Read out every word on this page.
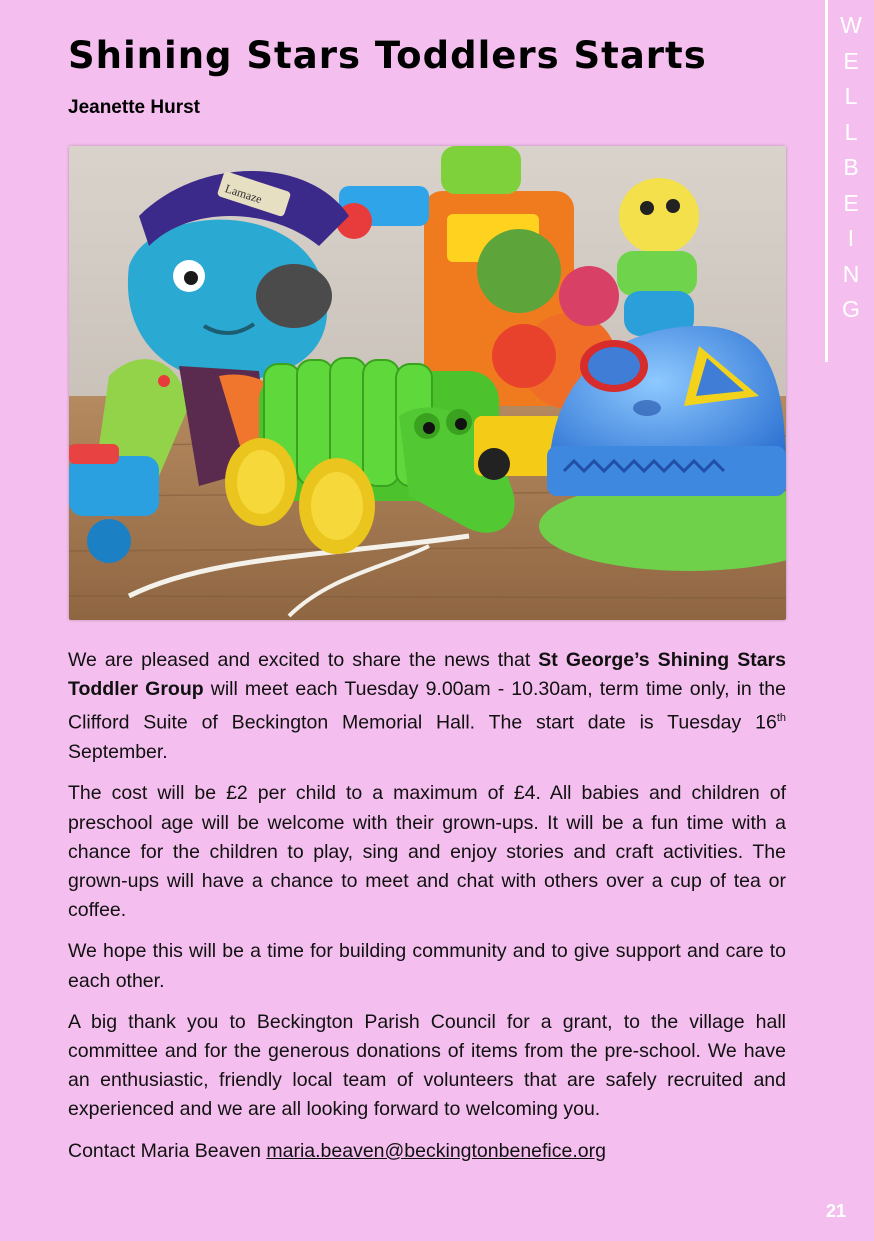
Shining Stars Toddlers Starts
Jeanette Hurst
Lamaze
W
E
L
L
B
E
I
N
G

We are pleased and excited to share the news that St George’s Shining Stars Toddler Group will meet each Tuesday 9.00am - 10.30am, term time only, in the Clifford Suite of Beckington Memorial Hall. The start date is Tuesday 16th September.

The cost will be £2 per child to a maximum of £4. All babies and children of preschool age will be welcome with their grown-ups. It will be a fun time with a chance for the children to play, sing and enjoy stories and craft activities. The grown-ups will have a chance to meet and chat with others over a cup of tea or coffee.

We hope this will be a time for building community and to give support and care to each other.

A big thank you to Beckington Parish Council for a grant, to the village hall committee and for the generous donations of items from the pre-school. We have an enthusiastic, friendly local team of volunteers that are safely recruited and experienced and we are all looking forward to welcoming you.

Contact Maria Beaven maria.beaven@beckingtonbenefice.org
21
